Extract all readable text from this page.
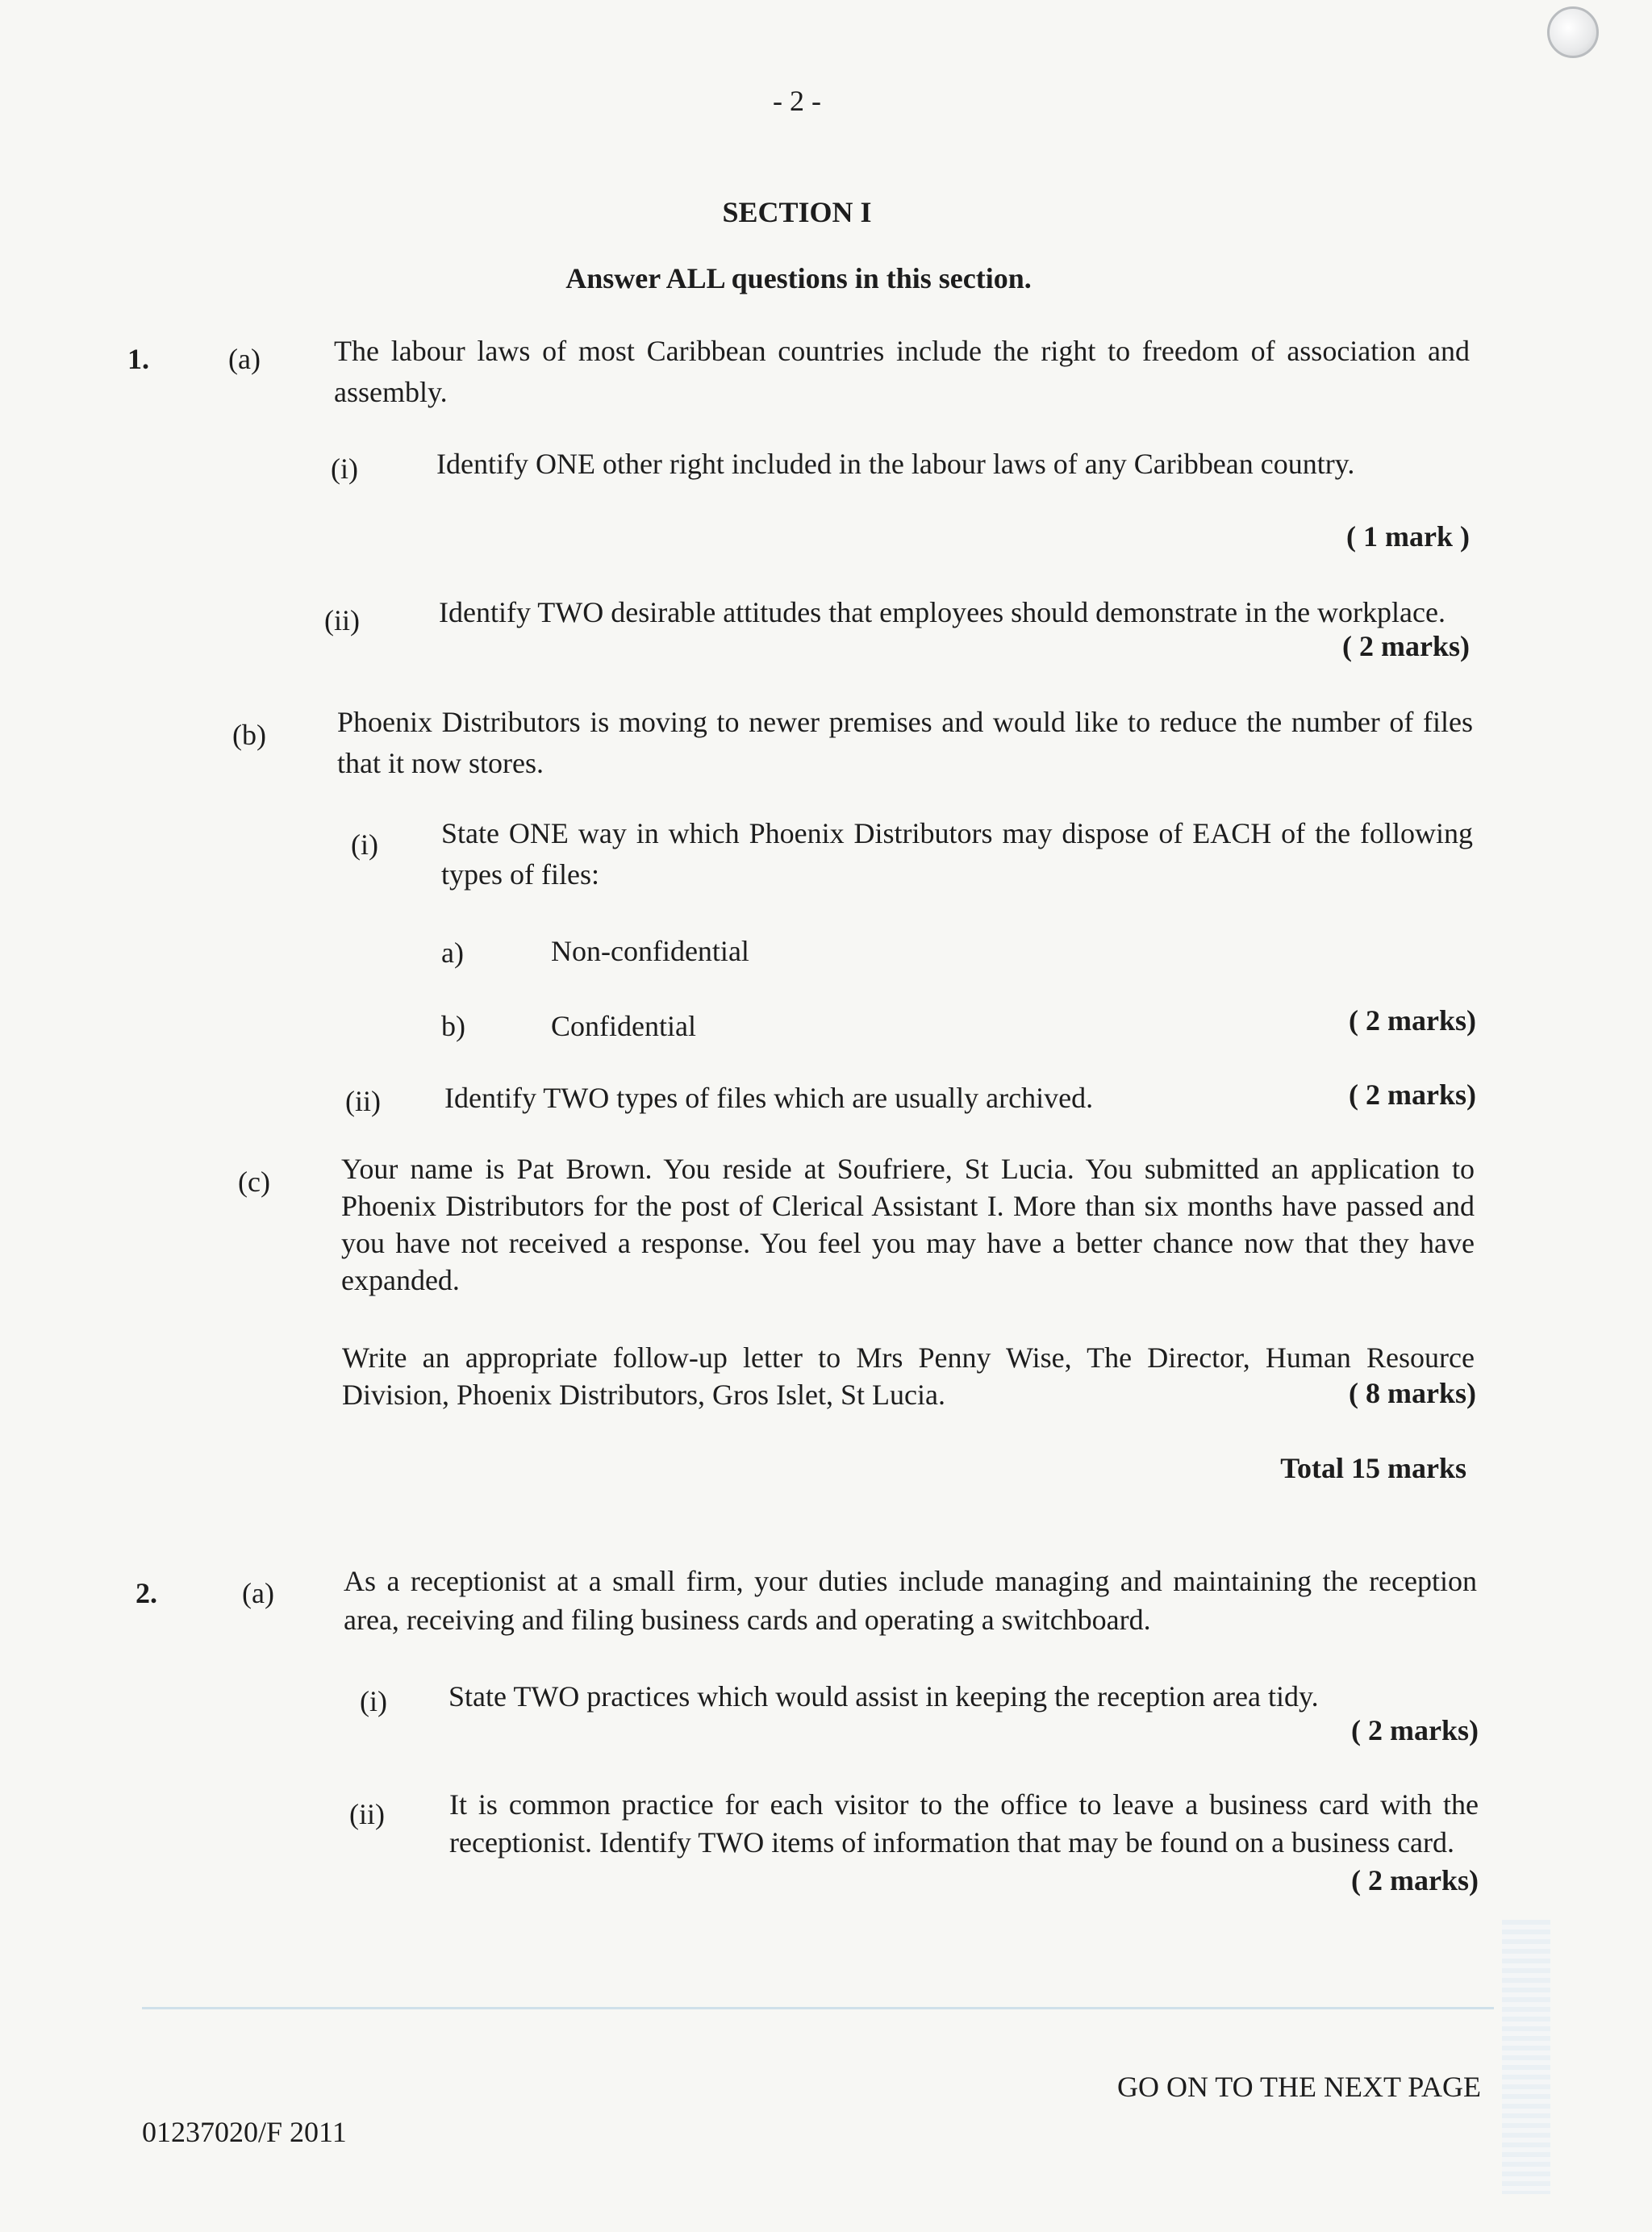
- 2 -
SECTION I
Answer ALL questions in this section.
1.	(a)	The labour laws of most Caribbean countries include the right to freedom of association and assembly.
(i)	Identify ONE other right included in the labour laws of any Caribbean country.
( 1 mark )
(ii)	Identify TWO desirable attitudes that employees should demonstrate in the workplace.
( 2 marks)
(b) Phoenix Distributors is moving to newer premises and would like to reduce the number of files that it now stores.
(i) State ONE way in which Phoenix Distributors may dispose of EACH of the following types of files:
a)	Non-confidential
b)	Confidential	( 2 marks)
(ii) Identify TWO types of files which are usually archived.	( 2 marks)
(c) Your name is Pat Brown. You reside at Soufriere, St Lucia. You submitted an application to Phoenix Distributors for the post of Clerical Assistant I. More than six months have passed and you have not received a response. You feel you may have a better chance now that they have expanded.
Write an appropriate follow-up letter to Mrs Penny Wise, The Director, Human Resource Division, Phoenix Distributors, Gros Islet, St Lucia.	( 8 marks)
Total 15 marks
2.	(a) As a receptionist at a small firm, your duties include managing and maintaining the reception area, receiving and filing business cards and operating a switchboard.
(i) State TWO practices which would assist in keeping the reception area tidy.
( 2 marks)
(ii) It is common practice for each visitor to the office to leave a business card with the receptionist. Identify TWO items of information that may be found on a business card.
( 2 marks)
GO ON TO THE NEXT PAGE
01237020/F 2011
